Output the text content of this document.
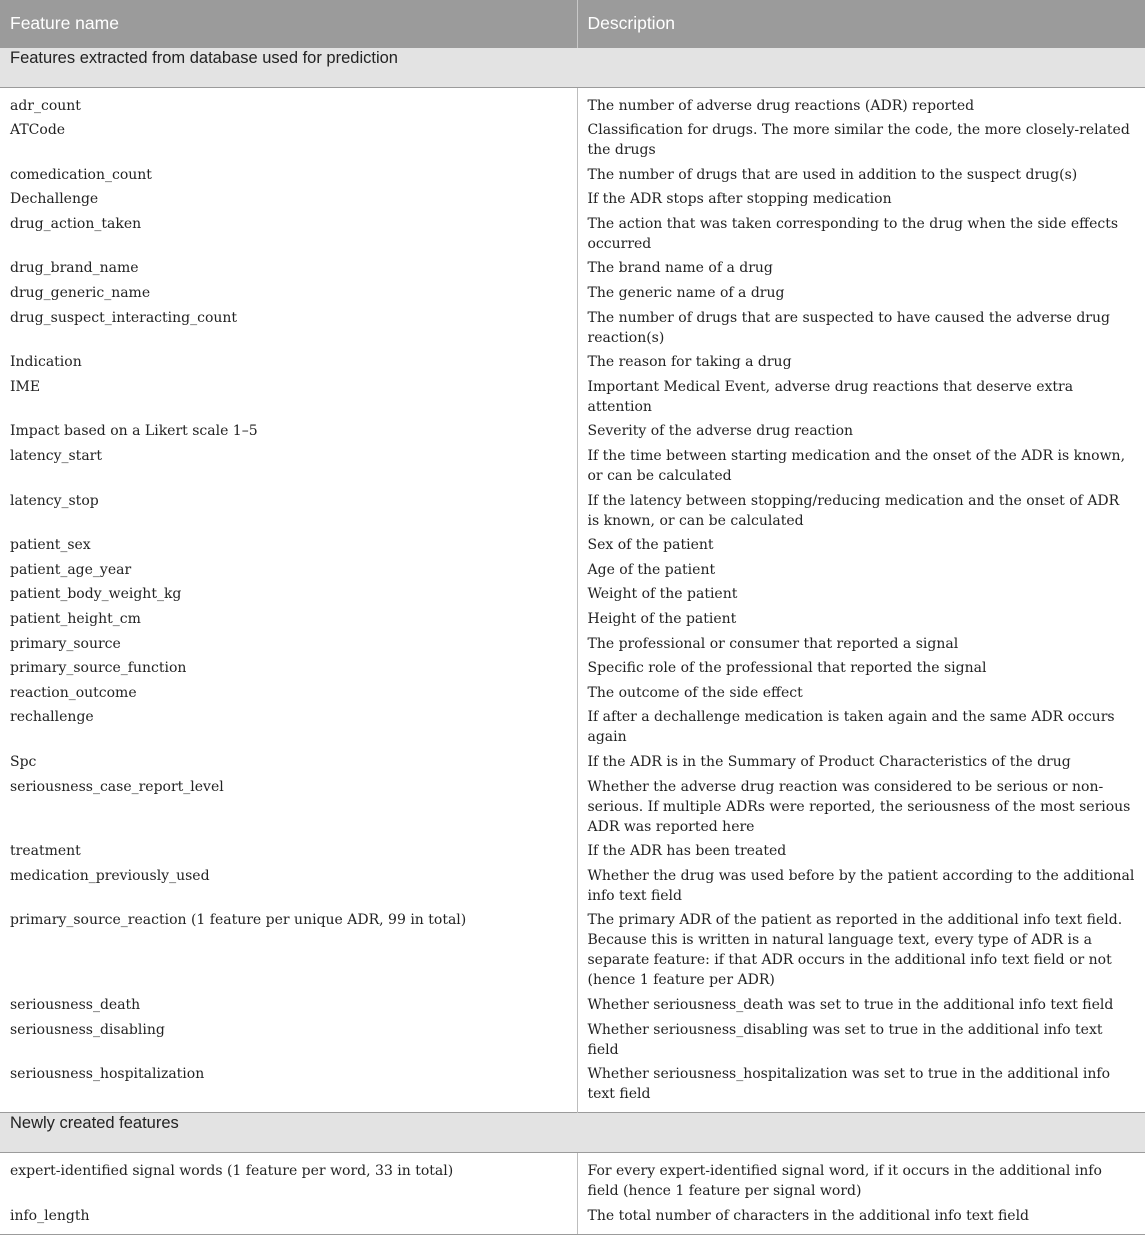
Feature name	Description
Features extracted from database used for prediction	
adr_count	The number of adverse drug reactions (ADR) reported
ATCode	Classification for drugs. The more similar the code, the more closely-related the drugs
comedication_count	The number of drugs that are used in addition to the suspect drug(s)
Dechallenge	If the ADR stops after stopping medication
drug_action_taken	The action that was taken corresponding to the drug when the side effects occurred
drug_brand_name	The brand name of a drug
drug_generic_name	The generic name of a drug
drug_suspect_interacting_count	The number of drugs that are suspected to have caused the adverse drug reaction(s)
Indication	The reason for taking a drug
IME	Important Medical Event, adverse drug reactions that deserve extra attention
Impact based on a Likert scale 1–5	Severity of the adverse drug reaction
latency_start	If the time between starting medication and the onset of the ADR is known, or can be calculated
latency_stop	If the latency between stopping/reducing medication and the onset of ADR is known, or can be calculated
patient_sex	Sex of the patient
patient_age_year	Age of the patient
patient_body_weight_kg	Weight of the patient
patient_height_cm	Height of the patient
primary_source	The professional or consumer that reported a signal
primary_source_function	Specific role of the professional that reported the signal
reaction_outcome	The outcome of the side effect
rechallenge	If after a dechallenge medication is taken again and the same ADR occurs again
Spc	If the ADR is in the Summary of Product Characteristics of the drug
seriousness_case_report_level	Whether the adverse drug reaction was considered to be serious or non-serious. If multiple ADRs were reported, the seriousness of the most serious ADR was reported here
treatment	If the ADR has been treated
medication_previously_used	Whether the drug was used before by the patient according to the additional info text field
primary_source_reaction (1 feature per unique ADR, 99 in total)	The primary ADR of the patient as reported in the additional info text field. Because this is written in natural language text, every type of ADR is a separate feature: if that ADR occurs in the additional info text field or not (hence 1 feature per ADR)
seriousness_death	Whether seriousness_death was set to true in the additional info text field
seriousness_disabling	Whether seriousness_disabling was set to true in the additional info text field
seriousness_hospitalization	Whether seriousness_hospitalization was set to true in the additional info text field
Newly created features	
expert-identified signal words (1 feature per word, 33 in total)	For every expert-identified signal word, if it occurs in the additional info field (hence 1 feature per signal word)
info_length	The total number of characters in the additional info text field
